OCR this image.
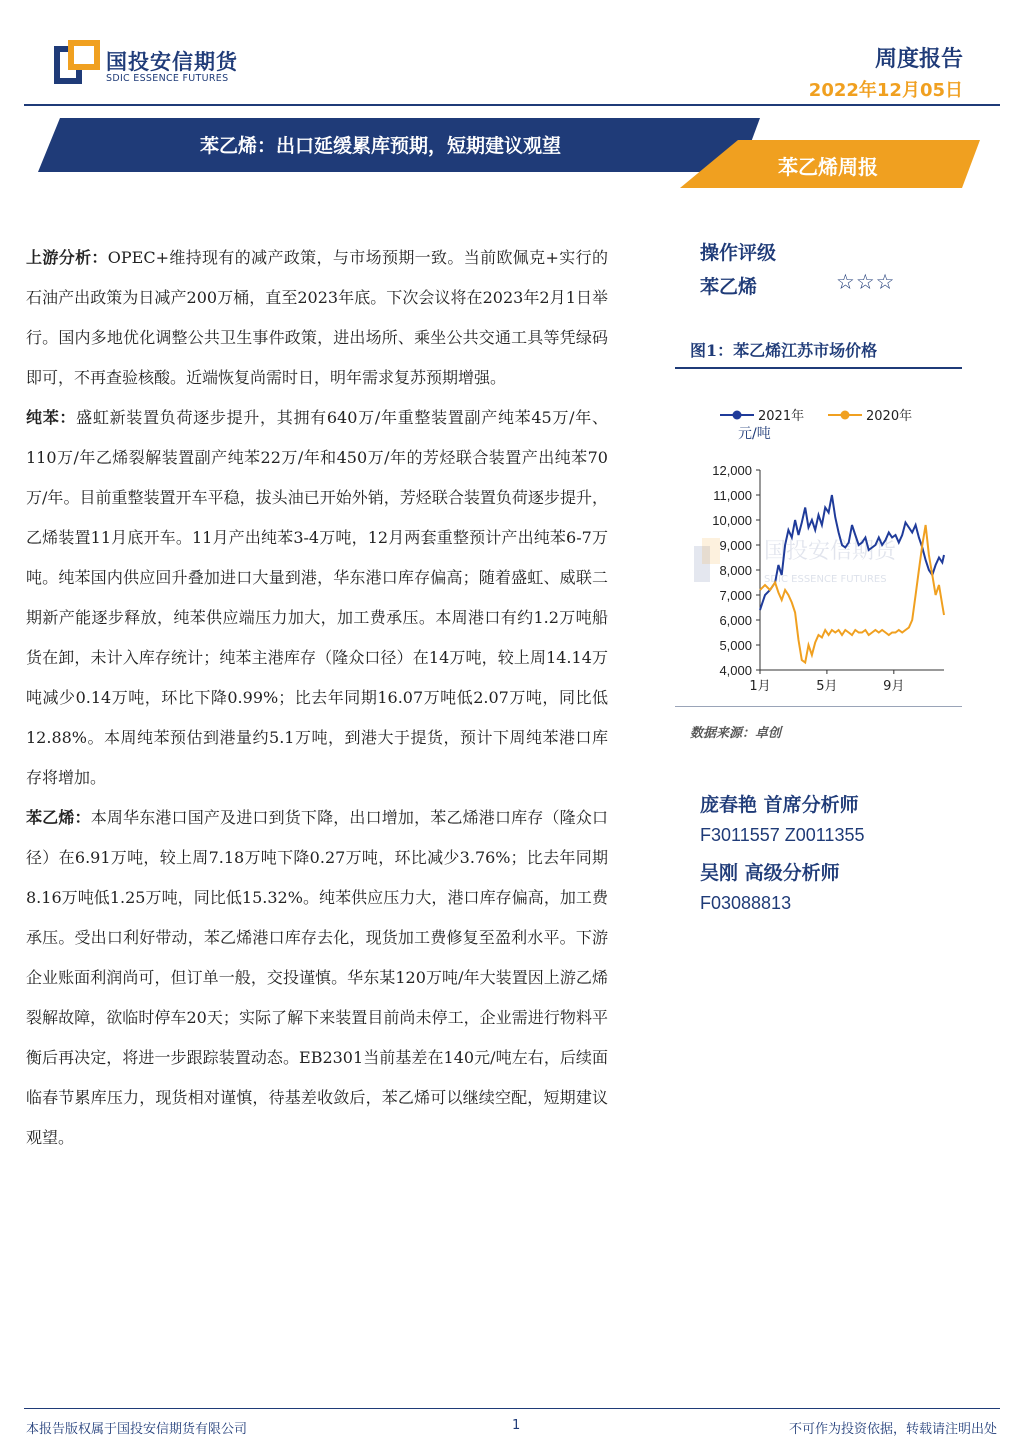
国投安信期货
SDIC ESSENCE FUTURES
周度报告
2022年12月05日
苯乙烯：出口延缓累库预期，短期建议观望
苯乙烯周报

上游分析：OPEC+维持现有的减产政策，与市场预期一致。当前欧佩克+实行的石油产出政策为日减产200万桶，直至2023年底。下次会议将在2023年2月1日举行。国内多地优化调整公共卫生事件政策，进出场所、乘坐公共交通工具等凭绿码即可，不再查验核酸。近端恢复尚需时日，明年需求复苏预期增强。

纯苯：盛虹新装置负荷逐步提升，其拥有640万/年重整装置副产纯苯45万/年、110万/年乙烯裂解装置副产纯苯22万/年和450万/年的芳烃联合装置产出纯苯70万/年。目前重整装置开车平稳，拔头油已开始外销，芳烃联合装置负荷逐步提升，乙烯装置11月底开车。11月产出纯苯3-4万吨，12月两套重整预计产出纯苯6-7万吨。纯苯国内供应回升叠加进口大量到港，华东港口库存偏高；随着盛虹、威联二期新产能逐步释放，纯苯供应端压力加大，加工费承压。本周港口有约1.2万吨船货在卸，未计入库存统计；纯苯主港库存（隆众口径）在14万吨，较上周14.14万吨减少0.14万吨，环比下降0.99%；比去年同期16.07万吨低2.07万吨，同比低12.88%。本周纯苯预估到港量约5.1万吨，到港大于提货，预计下周纯苯港口库存将增加。

苯乙烯：本周华东港口国产及进口到货下降，出口增加，苯乙烯港口库存（隆众口径）在6.91万吨，较上周7.18万吨下降0.27万吨，环比减少3.76%；比去年同期8.16万吨低1.25万吨，同比低15.32%。纯苯供应压力大，港口库存偏高，加工费承压。受出口利好带动，苯乙烯港口库存去化，现货加工费修复至盈利水平。下游企业账面利润尚可，但订单一般，交投谨慎。华东某120万吨/年大装置因上游乙烯裂解故障，欲临时停车20天；实际了解下来装置目前尚未停工，企业需进行物料平衡后再决定，将进一步跟踪装置动态。EB2301当前基差在140元/吨左右，后续面临春节累库压力，现货相对谨慎，待基差收敛后，苯乙烯可以继续空配，短期建议观望。

操作评级
苯乙烯	☆☆☆
图1：苯乙烯江苏市场价格
国投安信期货
SDIC ESSENCE FUTURES
2021年	2020年
元/吨
4,000
5,000
6,000
7,000
8,000
9,000
10,000
11,000
12,000
1月	5月	9月
数据来源：卓创
庞春艳 首席分析师
F3011557 Z0011355
吴刚 高级分析师
F03088813
本报告版权属于国投安信期货有限公司	1	不可作为投资依据，转载请注明出处
